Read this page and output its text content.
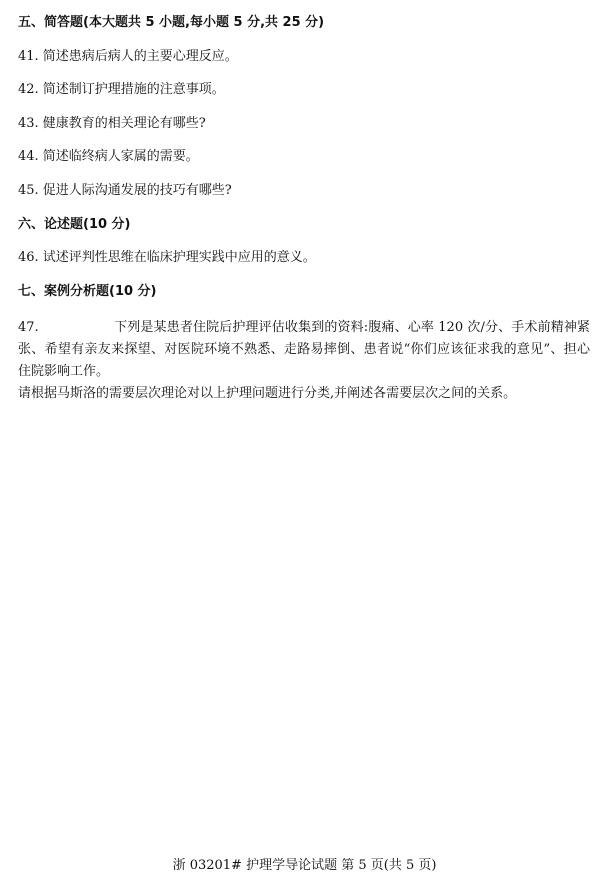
五、简答题(本大题共 5 小题,每小题 5 分,共 25 分)
41. 简述患病后病人的主要心理反应。
42. 简述制订护理措施的注意事项。
43. 健康教育的相关理论有哪些?
44. 简述临终病人家属的需要。
45. 促进人际沟通发展的技巧有哪些?
六、论述题(10 分)
46. 试述评判性思维在临床护理实践中应用的意义。
七、案例分析题(10 分)
47.	下列是某患者住院后护理评估收集到的资料:腹痛、心率 120 次/分、手术前精神紧张、希望有亲友来探望、对医院环境不熟悉、走路易摔倒、患者说“你们应该征求我的意见”、担心住院影响工作。
请根据马斯洛的需要层次理论对以上护理问题进行分类,并阐述各需要层次之间的关系。
浙 03201# 护理学导论试题 第 5 页(共 5 页)
